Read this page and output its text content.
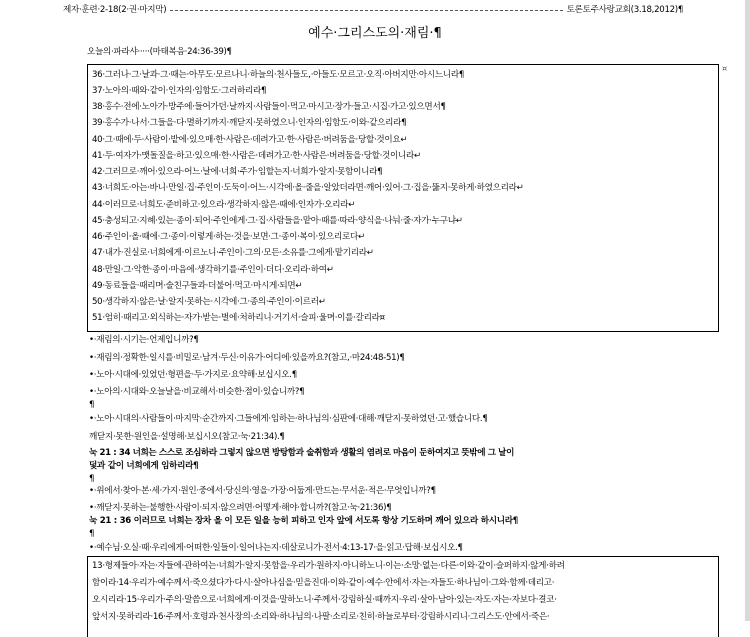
제자·훈련·2-18(2·권·마지막)	토론토주사랑교회(3.18,2012)¶
예수·그리스도의·재림·¶
오늘의·파라샤·····(마태복음·24:36-39)¶
36·그러나·그·날과·그·때는·아무도·모르나니·하늘의·천사들도,·아들도·모르고·오직·아버지만·아시느니라¶
37·노아의·때와·같이·인자의·임함도·그러하리라¶
38·홍수·전에·노아가·방주에·들어가던·날까지·사람들이·먹고·마시고·장가·들고·시집·가고·있으면서¶
39·홍수가·나서·그들을·다·멸하기까지·깨닫지·못하였으니·인자의·임함도·이와·같으리라¶
40·그·때에·두·사람이·밭에·있으매·한·사람은·데려가고·한·사람은·버려둠을·당할·것이요↵
41·두·여자가·맷돌질을·하고·있으매·한·사람은·데려가고·한·사람은·버려둠을·당할·것이니라↵
42·그러므로·깨어·있으라·어느·날에·너희·주가·임할는지·너희가·알지·못함이니라¶
43·너희도·아는·바니·만일·집·주인이·도둑이·어느·시각에·올·줄을·알았더라면·깨어·있어·그·집을·뚫지·못하게·하였으리라↵
44·이러므로·너희도·준비하고·있으라·생각하지·않은·때에·인자가·오리라↵
45·충성되고·지혜·있는·종이·되어·주인에게·그·집·사람들을·맡아·때를·따라·양식을·나눠·줄·자가·누구냐↵
46·주인이·올·때에·그·종이·이렇게·하는·것을·보면·그·종이·복이·있으리로다↵
47·내가·진실로·너희에게·이르노니·주인이·그의·모든·소유를·그에게·맡기리라↵
48·만일·그·악한·종이·마음에·생각하기를·주인이·더디·오리라·하여↵
49·동료들을·때리며·술친구들과·더불어·먹고·마시게·되면↵
50·생각하지·않은·날·알지·못하는·시각에·그·종의·주인이·이르러↵
51·엄히·때리고·외식하는·자가·받는·벌에·처하리니·거기서·슬피·울며·이를·갈리라¤
¤
•·재림의·시기는·언제입니까?¶
•·재림의·정확한·일시를·비밀로·남겨·두신·이유가·어디에·있을까요?(참고,·마24:48-51)¶
•·노아·시대에·있었던·형편을·두·가지로·요약해·보십시오.¶
•·노아의·시대와·오늘날을·비교해서·비슷한·점이·있습니까?¶
¶
•·노아·시대의·사람들이·마지막·순간까지·그들에게·임하는·하나님의·심판에·대해·깨닫지·못하였던·고·했습니다.¶
깨닫지·못한·원인을·설명해·보십시오(참고·눅·21:34).¶
눅 21 : 34 너희는 스스로 조심하라 그렇지 않으면 방탕함과 술취함과 생활의 염려로 마음이 둔하여지고 뜻밖에 그 날이
덫과 같이 너희에게 임하리라¶
¶
•·위에서·찾아·본·세·가지·원인·중에서·당신의·영을·가장·어둡게·만드는·무서운·적은·무엇입니까?¶
•·깨닫지·못하는·불행한·사람이·되지·않으려면·어떻게·해야·합니까?(참고·눅·21:36)¶
눅 21 : 36 이러므로 너희는 장차 올 이 모든 일을 능히 피하고 인자 앞에 서도록 항상 기도하며 깨어 있으라 하시니라¶
¶
•·예수님·오실·때·우리에게·어떠한·일들이·일어나는지·데살로니가·전서·4:13-17·을·읽고·답해·보십시오.¶
13·형제들아·자는·자들에·관하여는·너희가·알지·못함을·우리가·원하지·아니하노니·이는·소망·없는·다른·이와·같이·슬퍼하지·않게·하려
함이라·14·우리가·예수께서·죽으셨다가·다시·살아나심을·믿을진대·이와·같이·예수·안에서·자는·자들도·하나님이·그와·함께·데리고·
오시리라·15·우리가·주의·말씀으로·너희에게·이것을·말하노니·주께서·강림하실·때까지·우리·살아·남아·있는·자도·자는·자보다·결코·
앞서지·못하리라·16·주께서·호령과·천사장의·소리와·하나님의·나팔·소리로·친히·하늘로부터·강림하시리니·그리스도·안에서·죽은·
